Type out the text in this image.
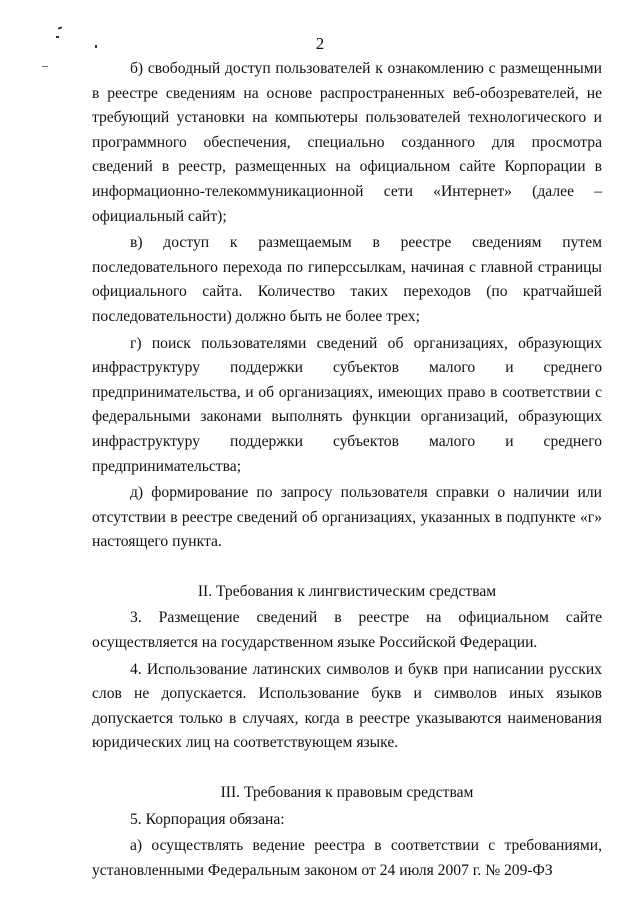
2

б) свободный доступ пользователей к ознакомлению с размещенными в реестре сведениям на основе распространенных веб-обозревателей, не требующий установки на компьютеры пользователей технологического и программного обеспечения, специально созданного для просмотра сведений в реестр, размещенных на официальном сайте Корпорации в информационно-телекоммуникационной сети «Интернет» (далее – официальный сайт);

в) доступ к размещаемым в реестре сведениям путем последовательного перехода по гиперссылкам, начиная с главной страницы официального сайта. Количество таких переходов (по кратчайшей последовательности) должно быть не более трех;

г) поиск пользователями сведений об организациях, образующих инфраструктуру поддержки субъектов малого и среднего предпринимательства, и об организациях, имеющих право в соответствии с федеральными законами выполнять функции организаций, образующих инфраструктуру поддержки субъектов малого и среднего предпринимательства;

д) формирование по запросу пользователя справки о наличии или отсутствии в реестре сведений об организациях, указанных в подпункте «г» настоящего пункта.

II. Требования к лингвистическим средствам

3. Размещение сведений в реестре на официальном сайте осуществляется на государственном языке Российской Федерации.

4. Использование латинских символов и букв при написании русских слов не допускается. Использование букв и символов иных языков допускается только в случаях, когда в реестре указываются наименования юридических лиц на соответствующем языке.

III. Требования к правовым средствам

5. Корпорация обязана:

а) осуществлять ведение реестра в соответствии с требованиями, установленными Федеральным законом от 24 июля 2007 г. № 209-ФЗ
